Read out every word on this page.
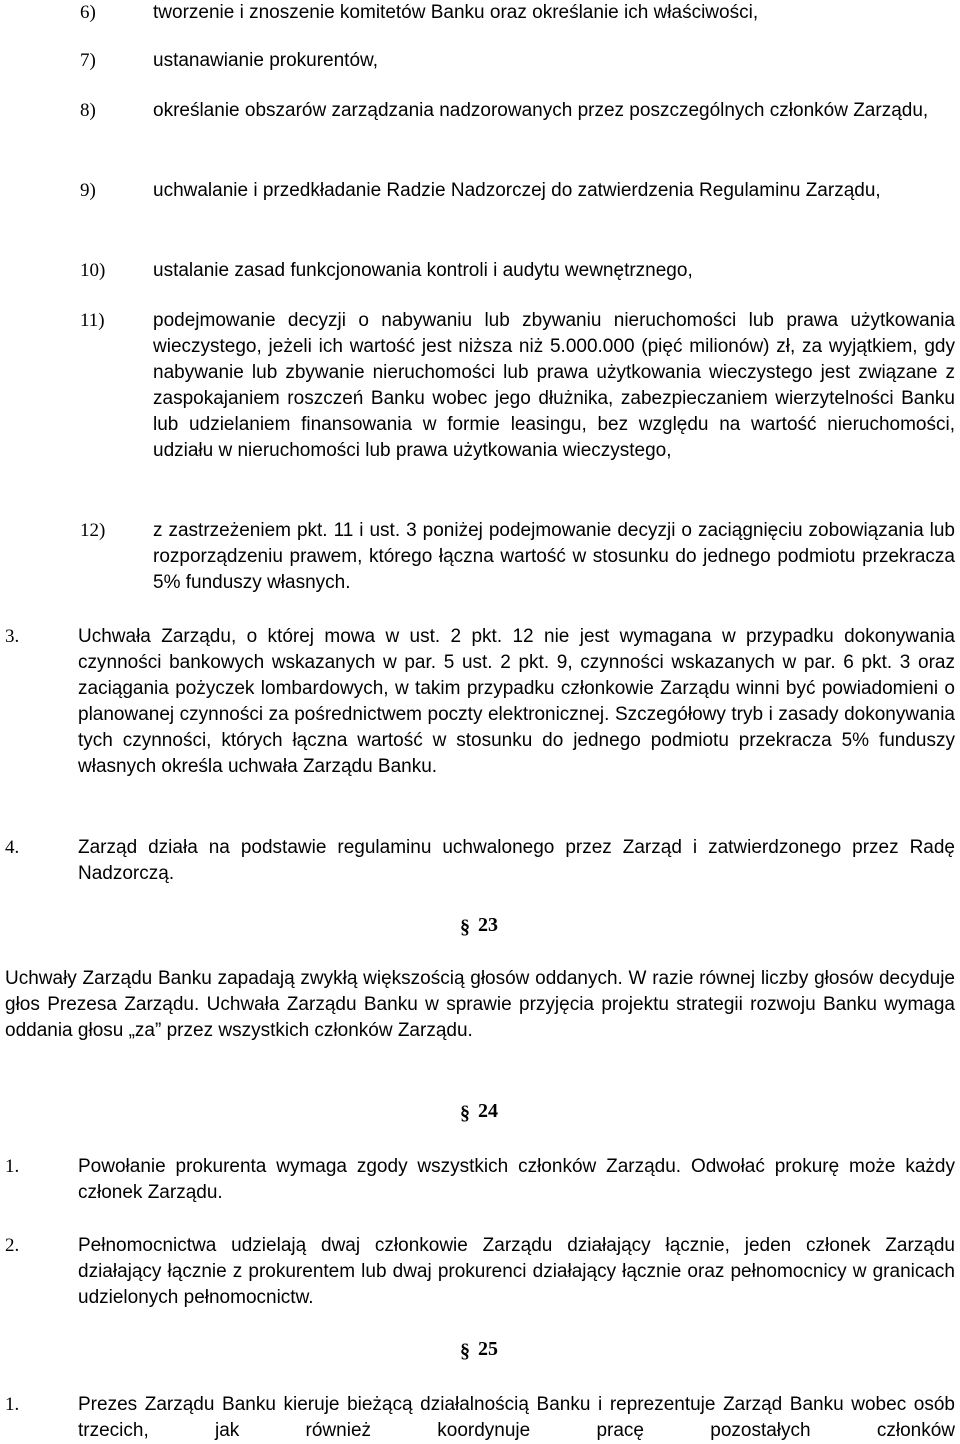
6)	tworzenie i znoszenie komitetów Banku oraz określanie ich właściwości,
7)	ustanawianie prokurentów,
8)	określanie obszarów zarządzania nadzorowanych przez poszczególnych członków Zarządu,
9)	uchwalanie i przedkładanie Radzie Nadzorczej do zatwierdzenia Regulaminu Zarządu,
10)	ustalanie zasad funkcjonowania kontroli i audytu wewnętrznego,
11)	podejmowanie decyzji o nabywaniu lub zbywaniu nieruchomości lub prawa użytkowania wieczystego, jeżeli ich wartość jest niższa niż 5.000.000 (pięć milionów) zł, za wyjątkiem, gdy nabywanie lub zbywanie nieruchomości lub prawa użytkowania wieczystego jest związane z zaspokajaniem roszczeń Banku wobec jego dłużnika, zabezpieczaniem wierzytelności Banku lub udzielaniem finansowania w formie leasingu, bez względu na wartość nieruchomości, udziału w nieruchomości lub prawa użytkowania wieczystego,
12)	z zastrzeżeniem pkt. 11 i ust. 3 poniżej podejmowanie decyzji o zaciągnięciu zobowiązania lub rozporządzeniu prawem, którego łączna wartość w stosunku do jednego podmiotu przekracza 5% funduszy własnych.
3.	Uchwała Zarządu, o której mowa w ust. 2 pkt. 12 nie jest wymagana w przypadku dokonywania czynności bankowych wskazanych w par. 5 ust. 2 pkt. 9, czynności wskazanych w par. 6 pkt. 3 oraz zaciągania pożyczek lombardowych, w takim przypadku członkowie Zarządu winni być powiadomieni o planowanej czynności za pośrednictwem poczty elektronicznej. Szczegółowy tryb i zasady dokonywania tych czynności, których łączna wartość w stosunku do jednego podmiotu przekracza 5% funduszy własnych określa uchwała Zarządu Banku.
4.	Zarząd działa na podstawie regulaminu uchwalonego przez Zarząd i zatwierdzonego przez Radę Nadzorczą.
§ 23
Uchwały Zarządu Banku zapadają zwykłą większością głosów oddanych. W razie równej liczby głosów decyduje głos Prezesa Zarządu. Uchwała Zarządu Banku w sprawie przyjęcia projektu strategii rozwoju Banku wymaga oddania głosu „za” przez wszystkich członków Zarządu.
§ 24
1.	Powołanie prokurenta wymaga zgody wszystkich członków Zarządu. Odwołać prokurę może każdy członek Zarządu.
2.	Pełnomocnictwa udzielają dwaj członkowie Zarządu działający łącznie, jeden członek Zarządu działający łącznie z prokurentem lub dwaj prokurenci działający łącznie oraz pełnomocnicy w granicach udzielonych pełnomocnictw.
§ 25
1.	Prezes Zarządu Banku kieruje bieżącą działalnością Banku i reprezentuje Zarząd Banku wobec osób trzecich, jak również koordynuje pracę pozostałych członków
